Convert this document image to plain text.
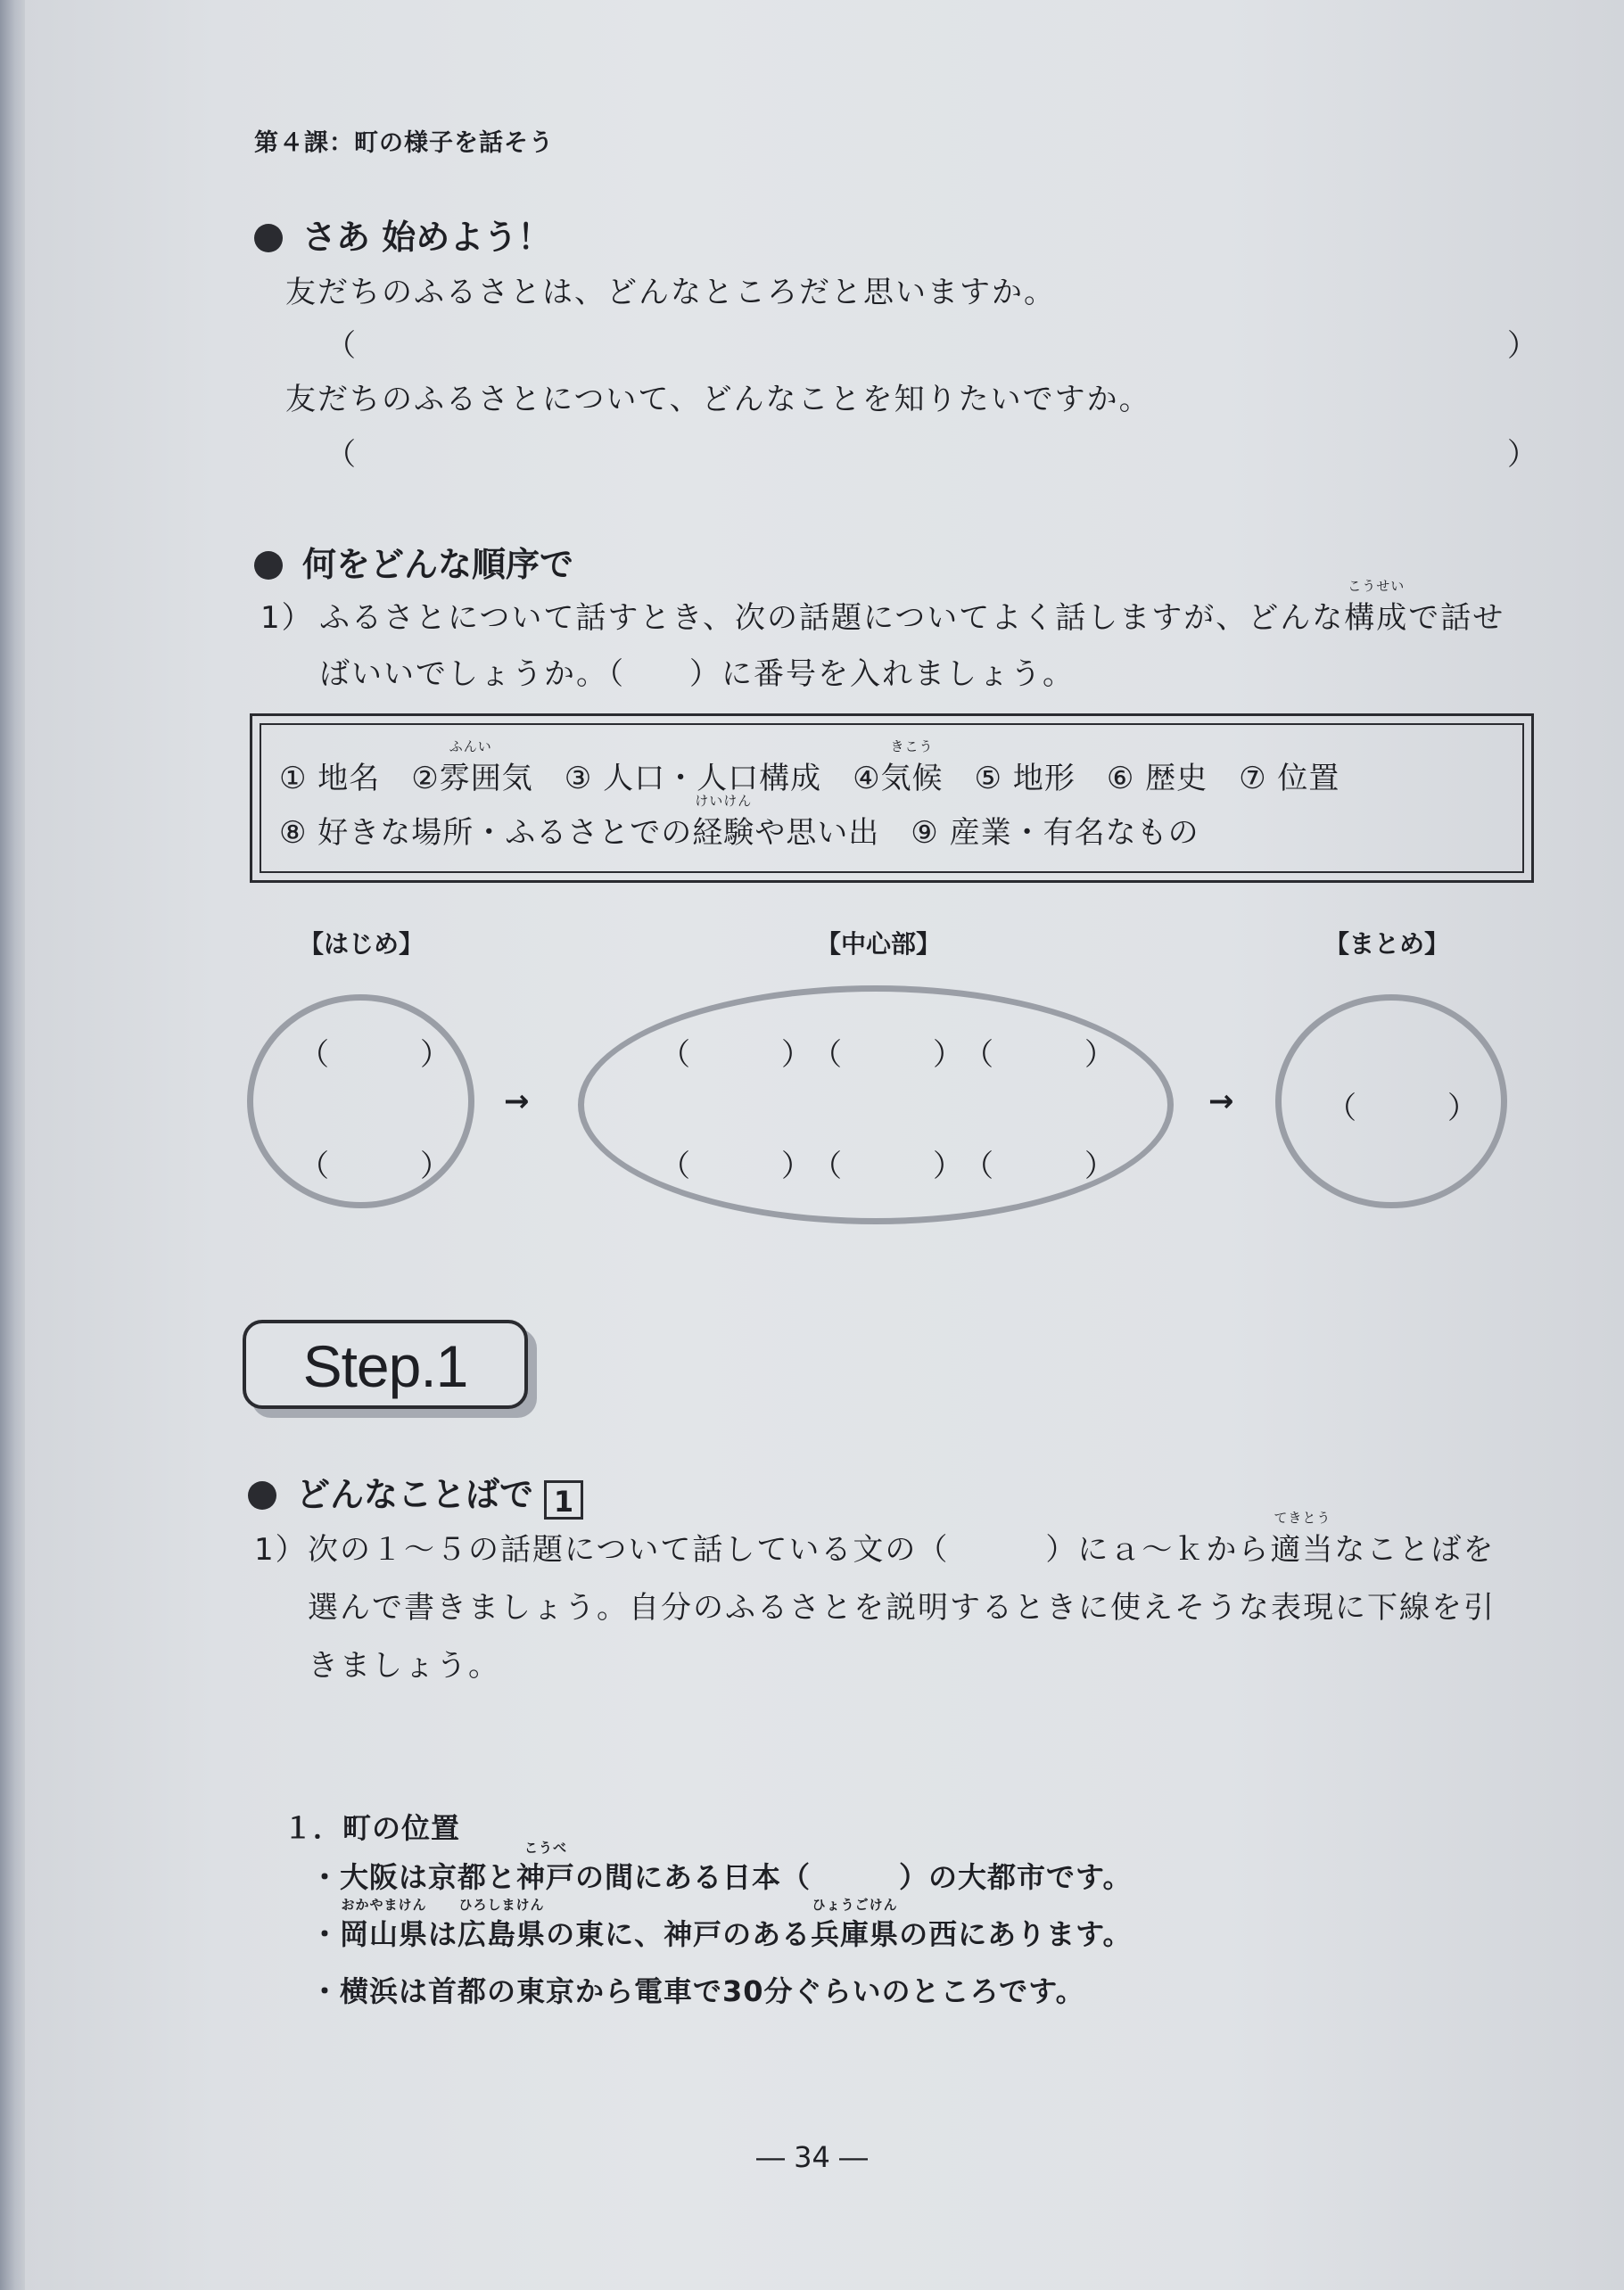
第４課：町の様子を話そう
さあ 始めよう！
友だちのふるさとは、どんなところだと思いますか。
（	）
友だちのふるさとについて、どんなことを知りたいですか。
（	）
何をどんな順序で
1） ふるさとについて話すとき、次の話題についてよく話しますが、どんな
こうせい
構成で話せ
ばいいでしょうか。（　　）に番号を入れましょう。
① 地名　②
ふんい
雰囲気　③ 人口・人口構成　④
きこう
気候　⑤ 地形　⑥ 歴史　⑦ 位置
⑧ 好きな場所・ふるさとでの
けいけん
経験や思い出　⑨ 産業・有名なもの
【はじめ】	【中心部】	【まとめ】
（　　　）
（　　　）
（　　　） （　　　） （　　　）
（　　　） （　　　） （　　　）
（　　　）
→	→
Step.1
どんなことばで 1
1） 次の１～５の話題について話している文の（　　　）にａ～ｋから
てきとう
適当なことばを
選んで書きましょう。自分のふるさとを説明するときに使えそうな表現に下線を引
きましょう。
１．町の位置
・大阪は京都と
こうべ
神戸の間にある日本（　　　）の大都市です。
・
おかやまけん
岡山県は
ひろしまけん
広島県の東に、神戸のある
ひょうごけん
兵庫県の西にあります。
・横浜は首都の東京から電車で30分ぐらいのところです。
― 34 ―
